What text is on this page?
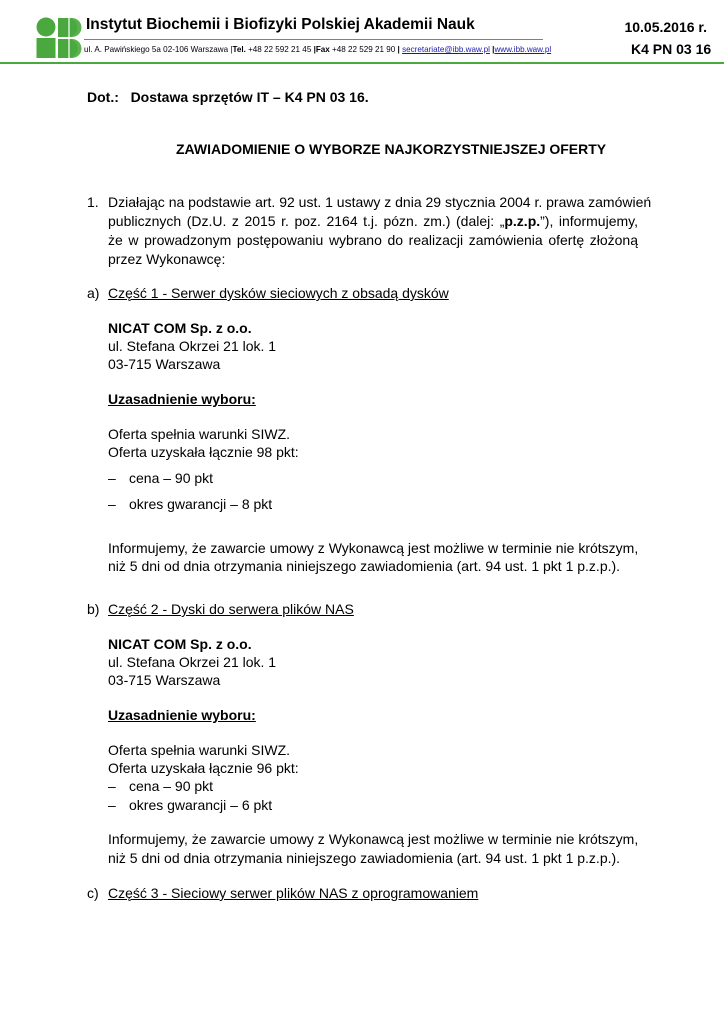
Instytut Biochemii i Biofizyki Polskiej Akademii Nauk
ul. A. Pawińskiego 5a 02-106 Warszawa |Tel. +48 22 592 21 45 |Fax +48 22 529 21 90 | secretariate@ibb.waw.pl |www.ibb.waw.pl
10.05.2016 r.
K4 PN 03 16
Dot.: Dostawa sprzętów IT – K4 PN 03 16.
ZAWIADOMIENIE O WYBORZE NAJKORZYSTNIEJSZEJ OFERTY
1. Działając na podstawie art. 92 ust. 1 ustawy z dnia 29 stycznia 2004 r. prawa zamówień
publicznych (Dz.U. z 2015 r. poz. 2164 t.j. pózn. zm.) (dalej: „p.z.p.”), informujemy,
że w prowadzonym postępowaniu wybrano do realizacji zamówienia ofertę złożoną
przez Wykonawcę:
a) Część 1 - Serwer dysków sieciowych z obsadą dysków
NICAT COM Sp. z o.o.
ul. Stefana Okrzei 21 lok. 1
03-715 Warszawa
Uzasadnienie wyboru:
Oferta spełnia warunki SIWZ.
Oferta uzyskała łącznie 98 pkt:
– cena – 90 pkt
– okres gwarancji – 8 pkt
Informujemy, że zawarcie umowy z Wykonawcą jest możliwe w terminie nie krótszym,
niż 5 dni od dnia otrzymania niniejszego zawiadomienia (art. 94 ust. 1 pkt 1 p.z.p.).
b) Część 2 - Dyski do serwera plików NAS
NICAT COM Sp. z o.o.
ul. Stefana Okrzei 21 lok. 1
03-715 Warszawa
Uzasadnienie wyboru:
Oferta spełnia warunki SIWZ.
Oferta uzyskała łącznie 96 pkt:
– cena – 90 pkt
– okres gwarancji – 6 pkt
Informujemy, że zawarcie umowy z Wykonawcą jest możliwe w terminie nie krótszym,
niż 5 dni od dnia otrzymania niniejszego zawiadomienia (art. 94 ust. 1 pkt 1 p.z.p.).
c) Część 3 - Sieciowy serwer plików NAS z oprogramowaniem
